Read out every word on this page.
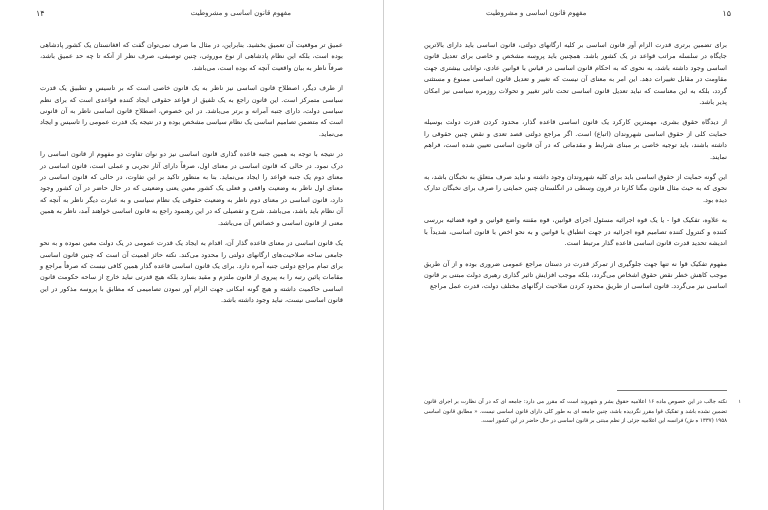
۱۴	مفهوم قانون اساسی و مشروطیت

عمیق تر موقعیت آن تعمیق بخشید. بنابراین، در مثال ما صرف نمی‌توان گفت که افغانستان یک کشور پادشاهی بوده است، بلکه این نظام پادشاهی از نوع موروثی، چنین توصیفی، صرف نظر از آنکه تا چه حد عمیق باشد، صرفاً ناظر به بیان واقعیت آنچه که بوده است، می‌باشد.

از طرف دیگر، اصطلاح قانون اساسی نیز ناظر به یک قانون خاصی است که بر تاسیس و تطبیق یک قدرت سیاسی متمرکز است. این قانون راجع به یک تلفیق از قواعد حقوقی ایجاد کننده قواعدی است که برای نظم سیاسی دولت، دارای جنبه آمرانه و برتر می‌باشد. در این خصوص، اصطلاح قانون اساسی ناظر به آن قانونی است که متضمن تصامیم اساسی یک نظام سیاسی مشخص بوده و در نتیجه یک قدرت عمومی را تاسیس و ایجاد می‌نماید.

در نتیجه با توجه به همین جنبه قاعده گذاری قانون اساسی نیز دو نوان تفاوت دو مفهوم از قانون اساسی را درک نمود. در حالی که قانون اساسی در معنای اول، صرفاً دارای آثار تجربی و عملی است، قانون اساسی در معنای دوم یک جنبه قواعد را ایجاد می‌نماید. بنا به منظور تاکید بر این تفاوت، در حالی که قانون اساسی در معنای اول ناظر به وضعیت واقعی و فعلی یک کشور معین یعنی وضعیتی که در حال حاضر در آن کشور وجود دارد، قانون اساسی در معنای دوم ناظر به وضعیت حقوقی یک نظام سیاسی و به عبارت دیگر ناظر به آنچه که آن نظام باید باشد، می‌باشد. شرح و تفصیلی که در این رهنمود راجع به قانون اساسی خواهند آمد، ناظر به همین معنی از قانون اساسی و خصائص آن می‌باشد.

یک قانون اساسی در معنای قاعده گذار آن، اقدام به ایجاد یک قدرت عمومی در یک دولت معین نموده و به نحو جامعی ساحه صلاحیت‌های ارگانهای دولتی را محدود می‌کند. نکته حائز اهمیت آن است که چنین قانون اساسی برای تمام مراجع دولتی جنبه آمره دارد. برای یک قانون اساسی قاعده گذار همین کافی نیست که صرفاً مراجع و مقامات پائین رتبه را به پیروی از قانون ملتزم و مقید بسازد بلکه هیچ قدرتی نباید خارج از ساحه حکومت قانون اساسی حاکمیت داشته و هیچ گونه امکانی جهت الزام آور نمودن تصامیمی که مطابق با پروسه مذکور در این قانون اساسی نیست، نباید وجود داشته باشد.

۱۵
مفهوم قانون اساسی و مشروطیت

برای تضمین برتری قدرت الزام آور قانون اساسی بر کلیه ارگانهای دولتی، قانون اساسی باید دارای بالاترین جایگاه در سلسله مراتب قواعد در یک کشور باشد. همچنین باید پروسه مشخص و خاصی برای تعدیل قانون اساسی وجود داشته باشد، به نحوی که به احکام قانون اساسی در قیاس با قوانین عادی، توانایی بیشتری جهت مقاومت در مقابل تغییرات دهد. این امر به معنای آن نیست که تغییر و تعدیل قانون اساسی ممنوع و مستثنی گردد، بلکه به این معناست که نباید تعدیل قانون اساسی تحت تاثیر تغییر و تحولات روزمره سیاسی نیز امکان پذیر باشد.

از دیدگاه حقوق بشری، مهمترین کارکرد یک قانون اساسی قاعده گذار، محدود کردن قدرت دولت بوسیله حمایت کلی از حقوق اساسی شهروندان (اتباع) است. اگر مراجع دولتی قصد تعدی و نقض چنین حقوقی را داشته باشند، باید توجیه خاصی بر مبنای شرایط و مقدماتی که در آن قانون اساسی تعیین شده است، فراهم نمایند.

این گونه حمایت از حقوق اساسی باید برای کلیه شهروندان وجود داشته و نباید صرف متعلق به نخبگان باشد، به نحوی که به حیث مثال قانون مگنا کارتا در قرون وسطی در انگلستان چنین حمایتی را صرف برای نخبگان تدارک دیده بود.

به علاوه، تفکیک قوا - یا یک قوه اجرائیه مسئول اجرای قوانین، قوه مقننه واضع قوانین و قوه قضائیه بررسی کننده و کنترول کننده تصامیم قوه اجرائیه در جهت انطباق با قوانین و به نحو اخص با قانون اساسی، شدیداً با اندیشه تحدید قدرت قانون اساسی قاعده گذار مرتبط است.

مفهوم تفکیک قوا نه تنها جهت جلوگیری از تمرکز قدرت در دستان مراجع عمومی ضروری بوده و از آن طریق موجب کاهش خطر نقض حقوق اشخاص می‌گردد، بلکه موجب افزایش تاثیر گذاری رهبری دولت مبتنی بر قانون اساسی نیز می‌گردد. قانون اساسی از طریق محدود کردن صلاحیت ارگانهای مختلف دولت، قدرت عمل مراجع

۱
نکته جالب در این خصوص ماده ۱۶ اعلامیه حقوق بشر و شهروند است که مقرر می دارد: جامعه ای که در آن نظارت بر اجرای قانون تضمین نشده باشد و تفکیک قوا مقرر نگردیده باشد، چنین جامعه ای به طور کلی دارای قانون اساسی نیست. « مطابق قانون اساسی ۱۹۵۸ (۱۳۳۷ ه ش) فرانسه این اعلامیه جزئی از نظم مبتنی بر قانون اساسی در حال حاضر در این کشور است.
